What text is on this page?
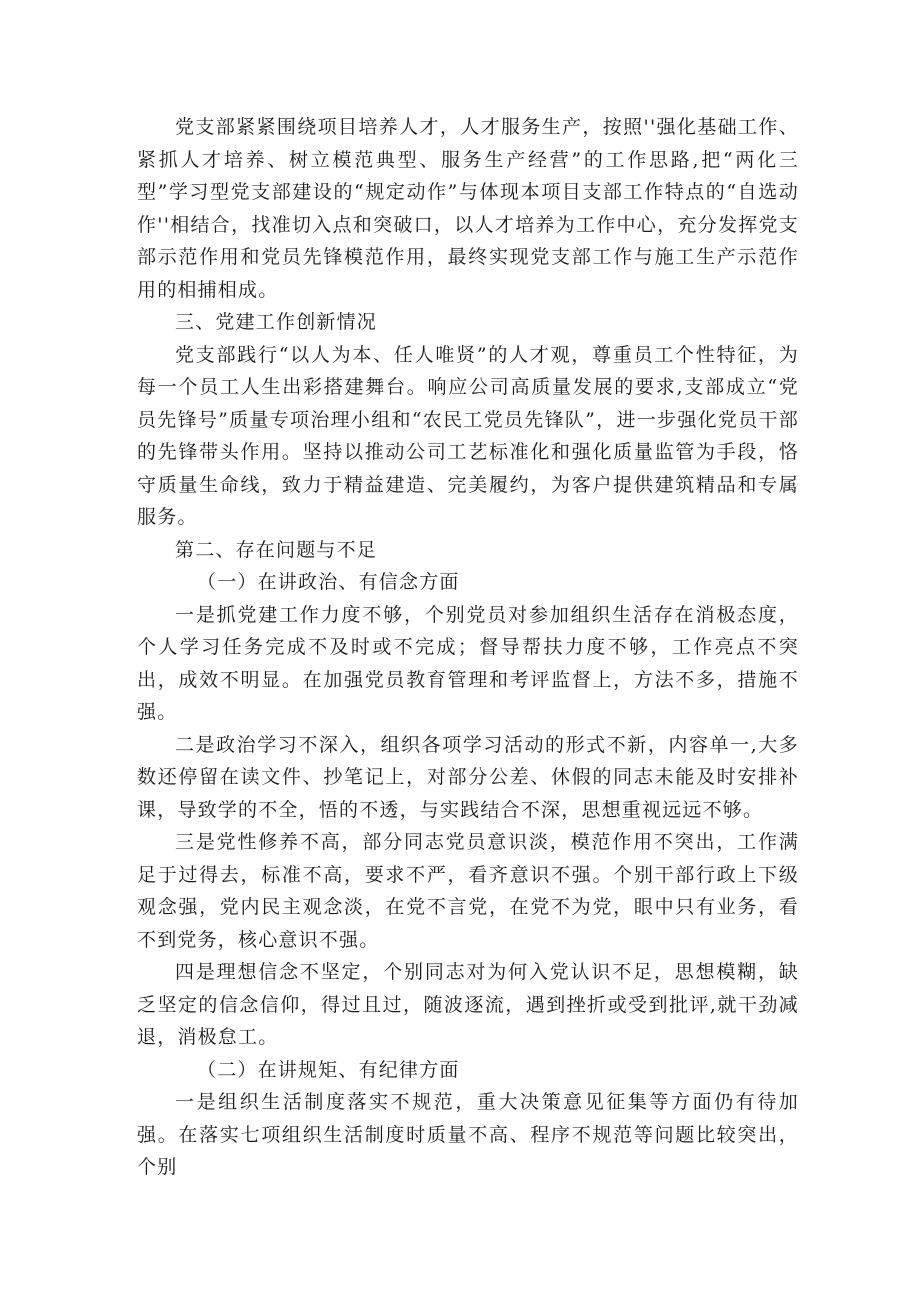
党支部紧紧围绕项目培养人才，人才服务生产，按照''强化基础工作、紧抓人才培养、树立模范典型、服务生产经营”的工作思路,把“两化三型”学习型党支部建设的“规定动作”与体现本项目支部工作特点的“自选动作''相结合，找准切入点和突破口，以人才培养为工作中心，充分发挥党支部示范作用和党员先锋模范作用，最终实现党支部工作与施工生产示范作用的相捕相成。

三、党建工作创新情况

党支部践行“以人为本、任人唯贤”的人才观，尊重员工个性特征，为每一个员工人生出彩搭建舞台。响应公司高质量发展的要求,支部成立“党员先锋号”质量专项治理小组和“农民工党员先锋队”，进一步强化党员干部的先锋带头作用。坚持以推动公司工艺标准化和强化质量监管为手段，恪守质量生命线，致力于精益建造、完美履约，为客户提供建筑精品和专属服务。

第二、存在问题与不足

（一）在讲政治、有信念方面

一是抓党建工作力度不够，个别党员对参加组织生活存在消极态度，个人学习任务完成不及时或不完成；督导帮扶力度不够，工作亮点不突出，成效不明显。在加强党员教育管理和考评监督上，方法不多，措施不强。

二是政治学习不深入，组织各项学习活动的形式不新，内容单一,大多数还停留在读文件、抄笔记上，对部分公差、休假的同志未能及时安排补课，导致学的不全，悟的不透，与实践结合不深，思想重视远远不够。

三是党性修养不高，部分同志党员意识淡，模范作用不突出，工作满足于过得去，标准不高，要求不严，看齐意识不强。个别干部行政上下级观念强，党内民主观念淡，在党不言党，在党不为党，眼中只有业务，看不到党务，核心意识不强。

四是理想信念不坚定，个别同志对为何入党认识不足，思想模糊，缺乏坚定的信念信仰，得过且过，随波逐流，遇到挫折或受到批评,就干劲减退，消极怠工。

（二）在讲规矩、有纪律方面

一是组织生活制度落实不规范，重大决策意见征集等方面仍有待加强。在落实七项组织生活制度时质量不高、程序不规范等问题比较突出，个别
